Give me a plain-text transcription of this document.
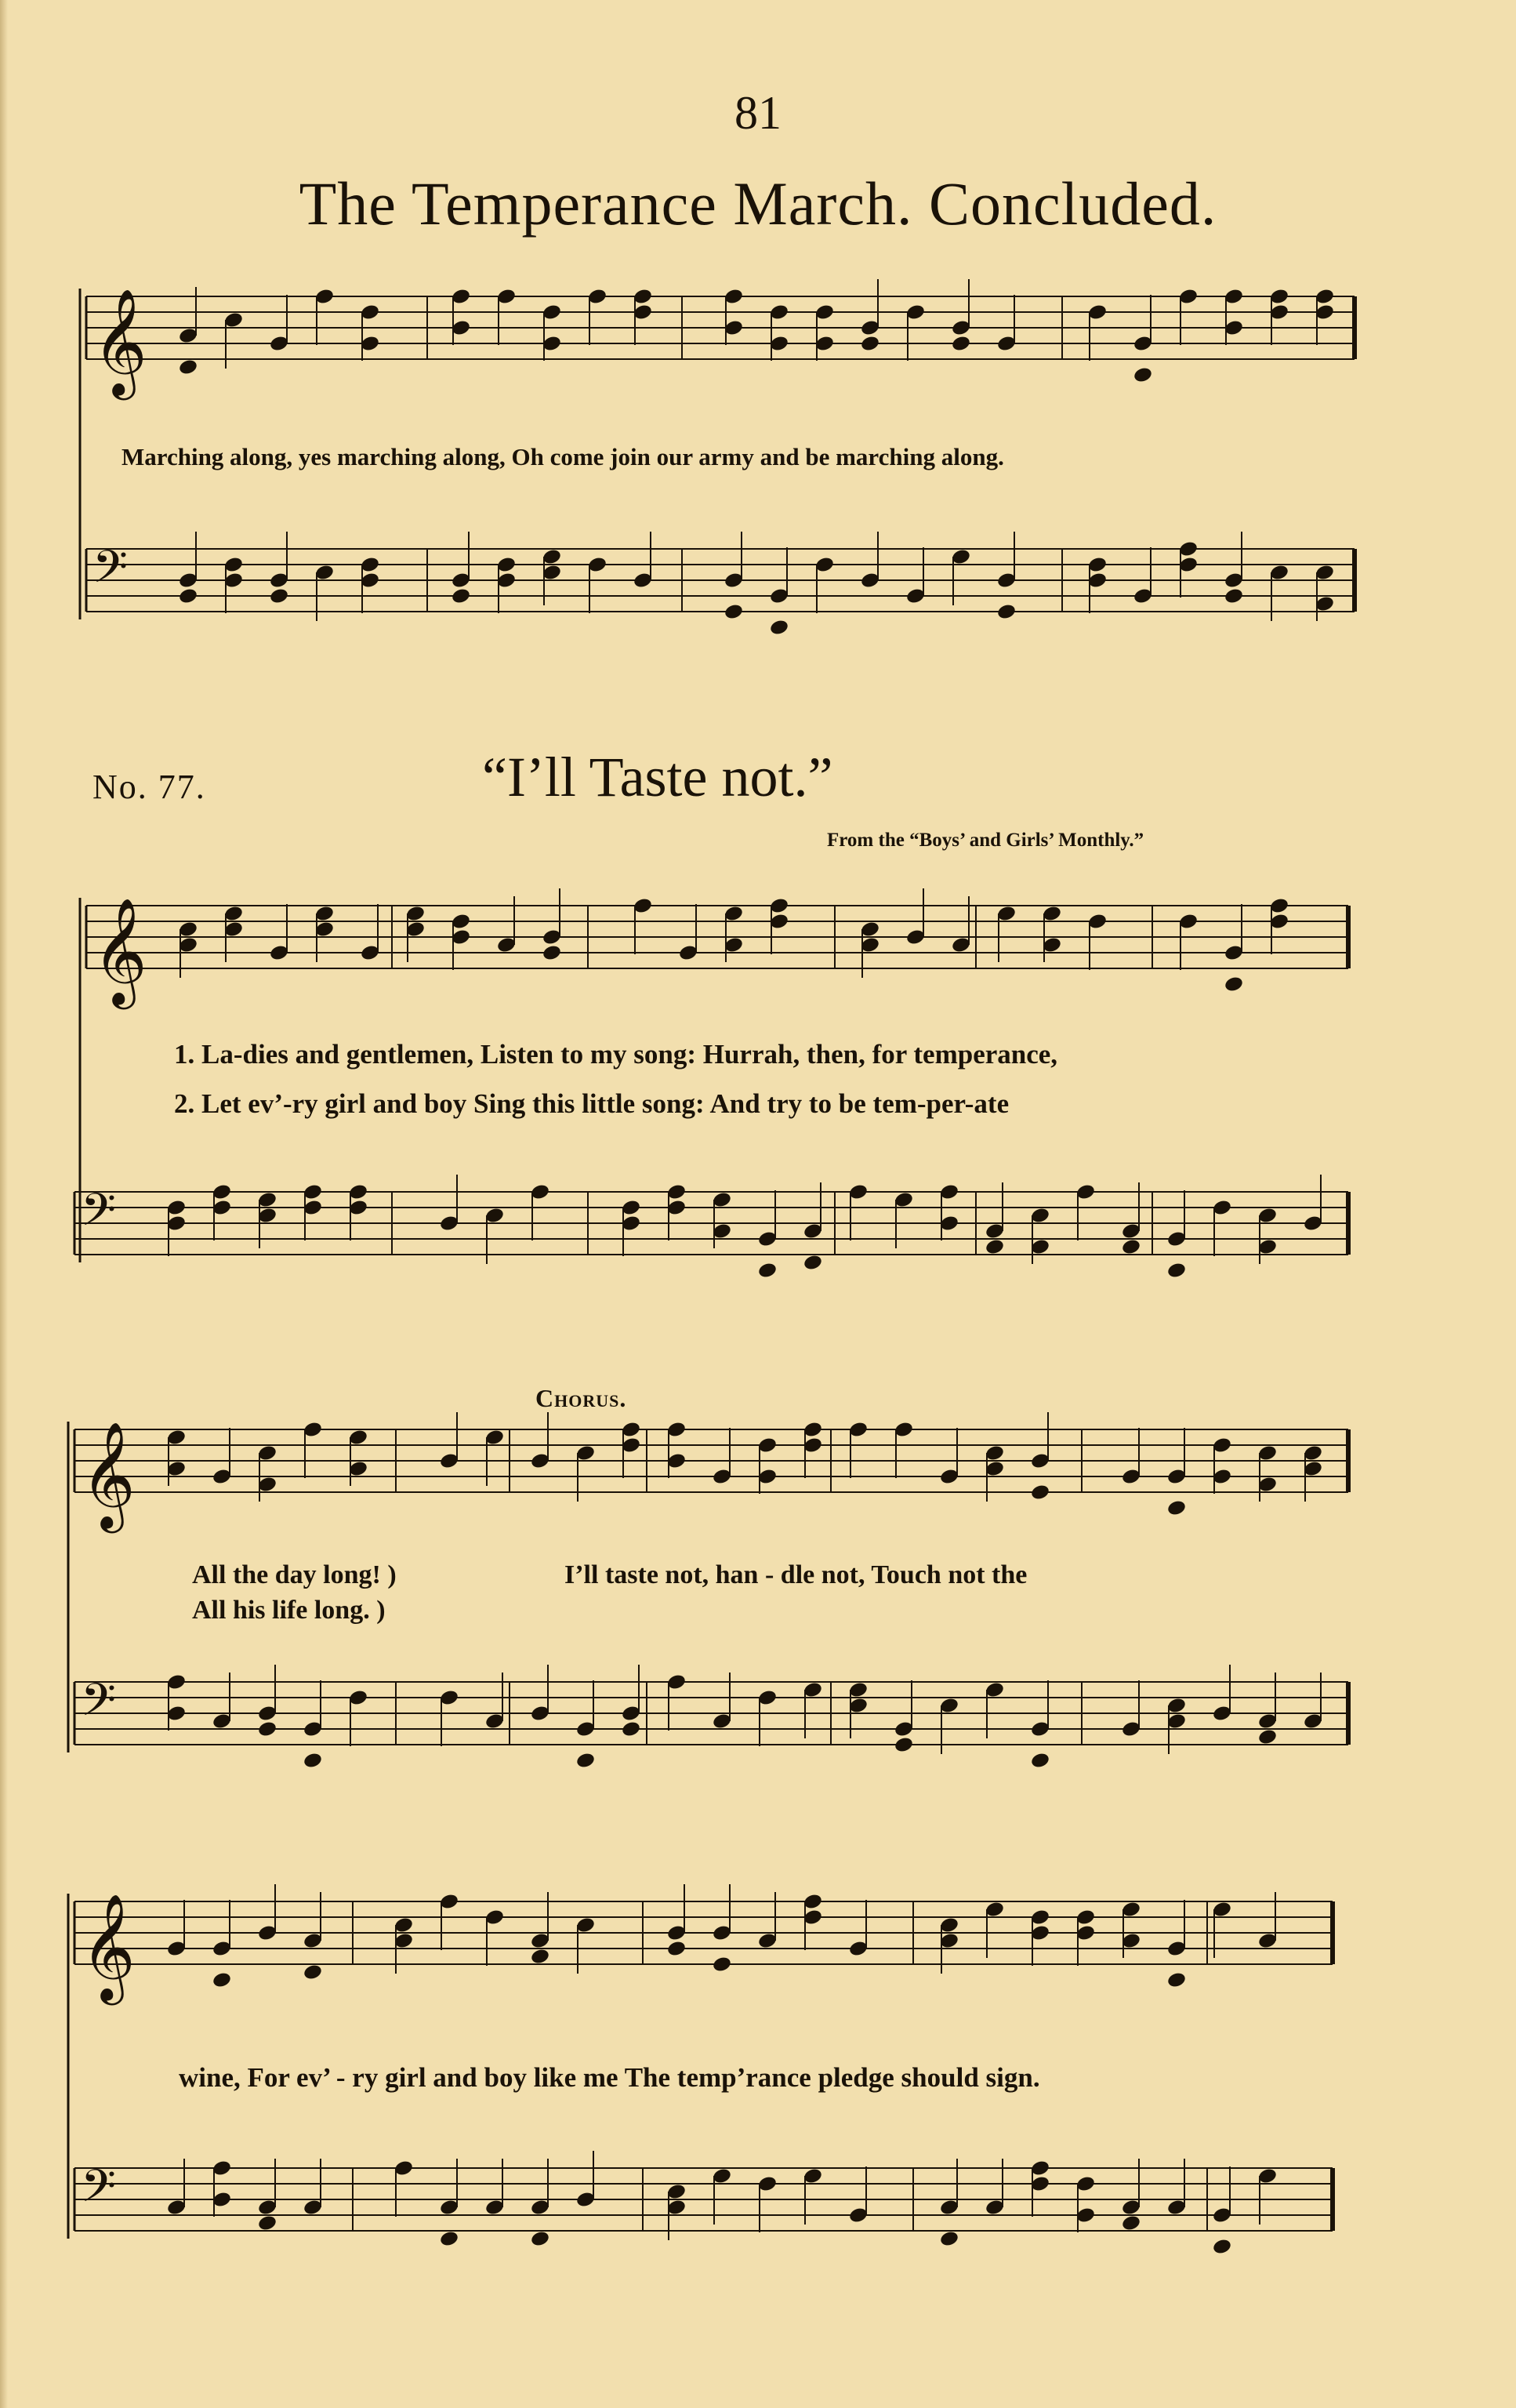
81
The Temperance March. Concluded.
𝄞
𝄢
𝄞
𝄢
𝄞
𝄢
𝄞
𝄢
Marching along, yes marching along, Oh come join our army and be marching along.
No. 77.	“I’ll Taste not.”
From the “Boys’ and Girls’ Monthly.”
1. La-dies and gentlemen, Listen to my song: Hurrah, then, for temperance,
2. Let ev’-ry girl and boy Sing this little song: And try to be tem-per-ate
Chorus.
All the day long! )
All his life long. )
I’ll taste not, han - dle not, Touch not the
wine, For ev’ - ry girl and boy like me The temp’rance pledge should sign.
